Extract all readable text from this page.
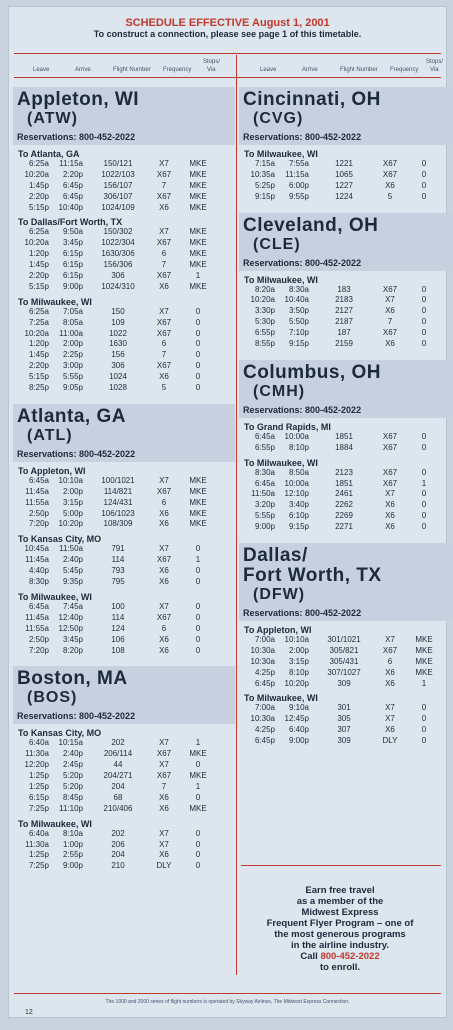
SCHEDULE EFFECTIVE August 1, 2001
To construct a connection, please see page 1 of this timetable.
Leave	Arrive	Flight Number Frequency
Stops/
Via	Leave	Arrive	Flight Number Frequency
Stops/
Via
Appleton, WI
(ATW)
Reservations: 800-452-2022
To Atlanta, GA
6:25a	11:15a	150/121	X7	MKE
10:20a	2:20p	1022/103	X67	MKE
1:45p	6:45p	156/107	7	MKE
2:20p	6:45p	306/107	X67	MKE
5:15p	10:40p	1024/109	X6	MKE
To Dallas/Fort Worth, TX
6:25a	9:50a	150/302	X7	MKE
10:20a	3:45p	1022/304	X67	MKE
1:20p	6:15p	1630/306	6	MKE
1:45p	6:15p	156/306	7	MKE
2:20p	6:15p	306	X67	1
5:15p	9:00p	1024/310	X6	MKE
To Milwaukee, WI
6:25a	7:05a	150	X7	0
7:25a	8:05a	109	X67	0
10:20a	11:00a	1022	X67	0
1:20p	2:00p	1630	6	0
1:45p	2:25p	156	7	0
2:20p	3:00p	306	X67	0
5:15p	5:55p	1024	X6	0
8:25p	9:05p	1028	5	0
Atlanta, GA
(ATL)
Reservations: 800-452-2022
To Appleton, WI
6:45a	10:10a	100/1021	X7	MKE
11:45a	2:00p	114/821	X67	MKE
11:55a	3:15p	124/431	6	MKE
2:50p	5:00p	106/1023	X6	MKE
7:20p	10:20p	108/309	X6	MKE
To Kansas City, MO
10:45a	11:50a	791	X7	0
11:45a	2:40p	114	X67	1
4:40p	5:45p	793	X6	0
8:30p	9:35p	795	X6	0
To Milwaukee, WI
6:45a	7:45a	100	X7	0
11:45a	12:40p	114	X67	0
11:55a	12:50p	124	6	0
2:50p	3:45p	106	X6	0
7:20p	8:20p	108	X6	0
Boston, MA
(BOS)
Reservations: 800-452-2022
To Kansas City, MO
6:40a	10:15a	202	X7	1
11:30a	2:40p	206/114	X67	MKE
12:20p	2:45p	44	X7	0
1:25p	5:20p	204/271	X67	MKE
1:25p	5:20p	204	7	1
6:15p	8:45p	68	X6	0
7:25p	11:10p	210/406	X6	MKE
To Milwaukee, WI
6:40a	8:10a	202	X7	0
11:30a	1:00p	206	X7	0
1:25p	2:55p	204	X6	0
7:25p	9:00p	210	DLY	0
Cincinnati, OH
(CVG)
Reservations: 800-452-2022
To Milwaukee, WI
7:15a	7:55a	1221	X67	0
10:35a	11:15a	1065	X67	0
5:25p	6:00p	1227	X6	0
9:15p	9:55p	1224	5	0
Cleveland, OH
(CLE)
Reservations: 800-452-2022
To Milwaukee, WI
8:20a	8:30a	183	X67	0
10:20a	10:40a	2183	X7	0
3:30p	3:50p	2127	X6	0
5:30p	5:50p	2187	7	0
6:55p	7:10p	187	X67	0
8:55p	9:15p	2159	X6	0
Columbus, OH
(CMH)
Reservations: 800-452-2022
To Grand Rapids, MI
6:45a	10:00a	1851	X67	0
6:55p	8:10p	1884	X67	0
To Milwaukee, WI
8:30a	8:50a	2123	X67	0
6:45a	10:00a	1851	X67	1
11:50a	12:10p	2461	X7	0
3:20p	3:40p	2262	X6	0
5:55p	6:10p	2269	X6	0
9:00p	9:15p	2271	X6	0
Dallas/
Fort Worth, TX
(DFW)
Reservations: 800-452-2022
To Appleton, WI
7:00a	10:10a	301/1021	X7	MKE
10:30a	2:00p	305/821	X67	MKE
10:30a	3:15p	305/431	6	MKE
4:25p	8:10p	307/1027	X6	MKE
6:45p	10:20p	309	X6	1
To Milwaukee, WI
7:00a	9:10a	301	X7	0
10:30a	12:45p	305	X7	0
4:25p	6:40p	307	X6	0
6:45p	9:00p	309	DLY	0
Earn free travel
as a member of the
Midwest Express
Frequent Flyer Program – one of
the most generous programs
in the airline industry.
Call 800-452-2022
to enroll.
The 1000 and 2000 series of flight numbers is operated by Skyway Airlines, The Midwest Express Connection.
12
